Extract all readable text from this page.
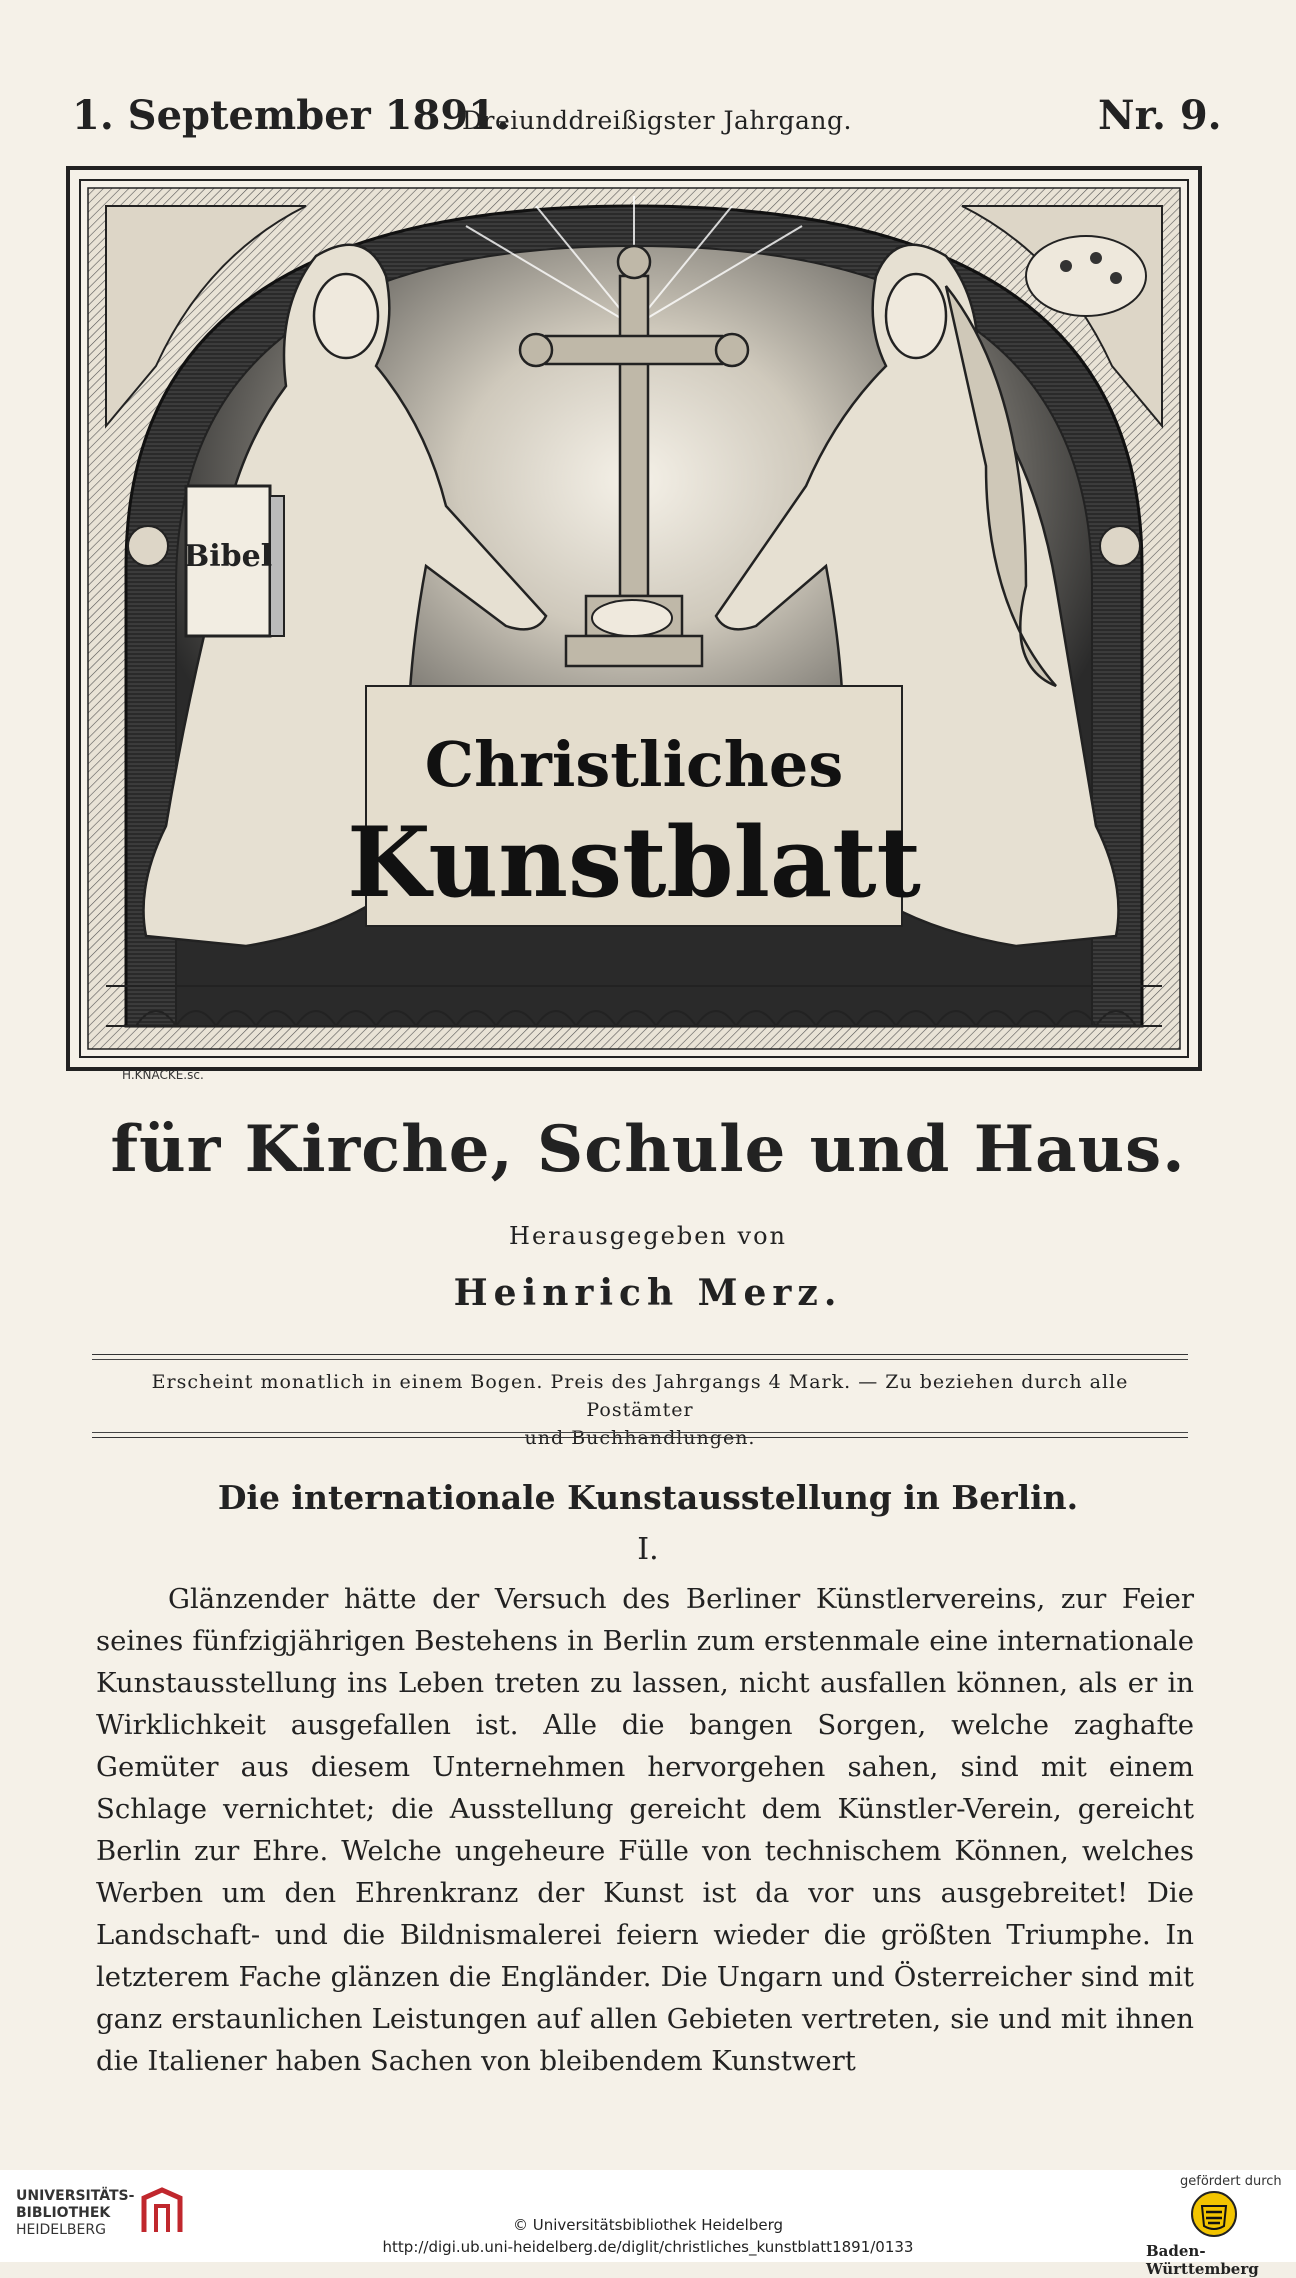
1. September 1891.
Dreiunddreißigster Jahrgang.	Nr. 9.
Bibel
Christliches
Kunstblatt
H.KNACKE.sc.
für Kirche, Schule und Haus.
Herausgegeben von
Heinrich Merz.
Erscheint monatlich in einem Bogen. Preis des Jahrgangs 4 Mark. — Zu beziehen durch alle Postämter
und Buchhandlungen.
Die internationale Kunstausstellung in Berlin.
I.
Glänzender hätte der Versuch des Berliner Künstlervereins, zur Feier seines fünfzigjährigen Bestehens in Berlin zum erstenmale eine internationale Kunstausstellung ins Leben treten zu lassen, nicht ausfallen können, als er in Wirklichkeit ausgefallen ist. Alle die bangen Sorgen, welche zaghafte Gemüter aus diesem Unternehmen hervorgehen sahen, sind mit einem Schlage vernichtet; die Ausstellung gereicht dem Künstler-Verein, gereicht Berlin zur Ehre. Welche ungeheure Fülle von technischem Können, welches Werben um den Ehrenkranz der Kunst ist da vor uns ausgebreitet! Die Landschaft- und die Bildnismalerei feiern wieder die größten Triumphe. In letzterem Fache glänzen die Engländer. Die Ungarn und Österreicher sind mit ganz erstaunlichen Leistungen auf allen Gebieten vertreten, sie und mit ihnen die Italiener haben Sachen von bleibendem Kunstwert
UNIVERSITÄTS-
BIBLIOTHEK
HEIDELBERG	© Universitätsbibliothek Heidelberg
http://digi.ub.uni-heidelberg.de/diglit/christliches_kunstblatt1891/0133
gefördert durch
Baden-Württemberg
